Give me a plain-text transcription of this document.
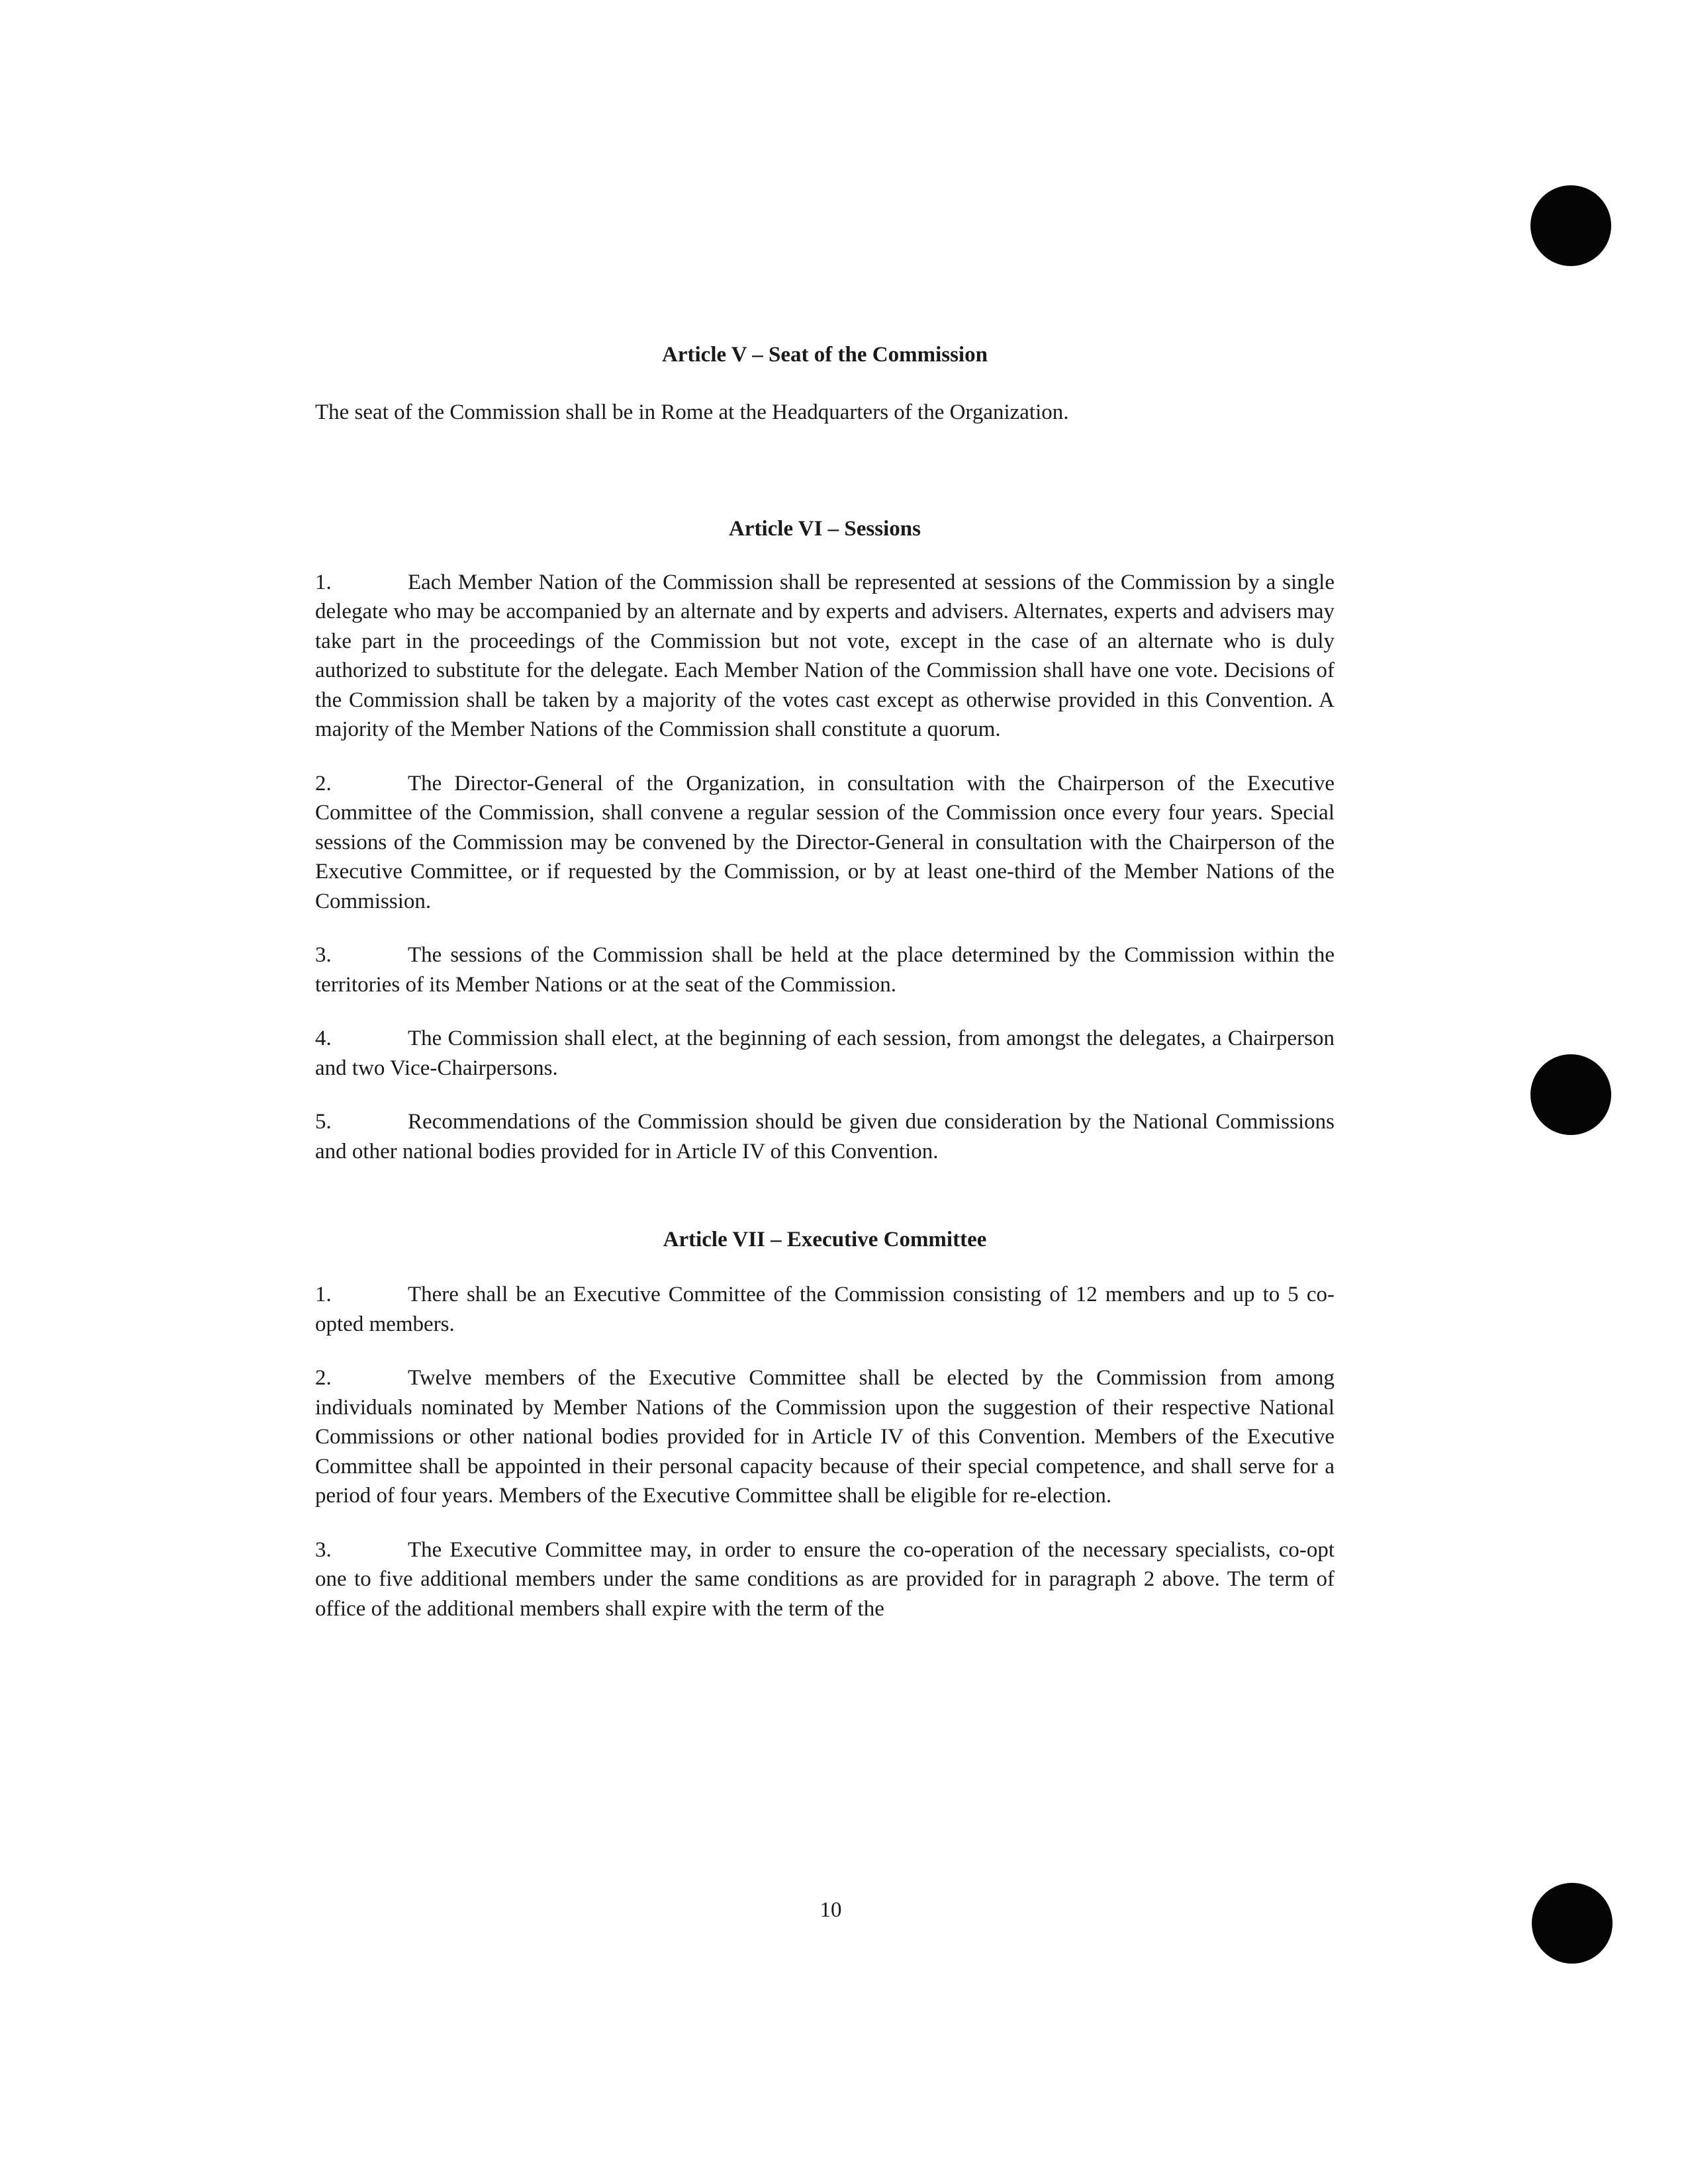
Article V – Seat of the Commission

The seat of the Commission shall be in Rome at the Headquarters of the Organization.

Article VI – Sessions

1.	Each Member Nation of the Commission shall be represented at sessions of the Commission by a single delegate who may be accompanied by an alternate and by experts and advisers. Alternates, experts and advisers may take part in the proceedings of the Commission but not vote, except in the case of an alternate who is duly authorized to substitute for the delegate. Each Member Nation of the Commission shall have one vote. Decisions of the Commission shall be taken by a majority of the votes cast except as otherwise provided in this Convention. A majority of the Member Nations of the Commission shall constitute a quorum.

2.	The Director-General of the Organization, in consultation with the Chairperson of the Executive Committee of the Commission, shall convene a regular session of the Commission once every four years. Special sessions of the Commission may be convened by the Director-General in consultation with the Chairperson of the Executive Committee, or if requested by the Commission, or by at least one-third of the Member Nations of the Commission.

3.	The sessions of the Commission shall be held at the place determined by the Commission within the territories of its Member Nations or at the seat of the Commission.

4.	The Commission shall elect, at the beginning of each session, from amongst the delegates, a Chairperson and two Vice-Chairpersons.

5.	Recommendations of the Commission should be given due consideration by the National Commissions and other national bodies provided for in Article IV of this Convention.

Article VII – Executive Committee

1.	There shall be an Executive Committee of the Commission consisting of 12 members and up to 5 co-opted members.

2.	Twelve members of the Executive Committee shall be elected by the Commission from among individuals nominated by Member Nations of the Commission upon the suggestion of their respective National Commissions or other national bodies provided for in Article IV of this Convention. Members of the Executive Committee shall be appointed in their personal capacity because of their special competence, and shall serve for a period of four years. Members of the Executive Committee shall be eligible for re-election.

3.	The Executive Committee may, in order to ensure the co-operation of the necessary specialists, co-opt one to five additional members under the same conditions as are provided for in paragraph 2 above. The term of office of the additional members shall expire with the term of the

10
